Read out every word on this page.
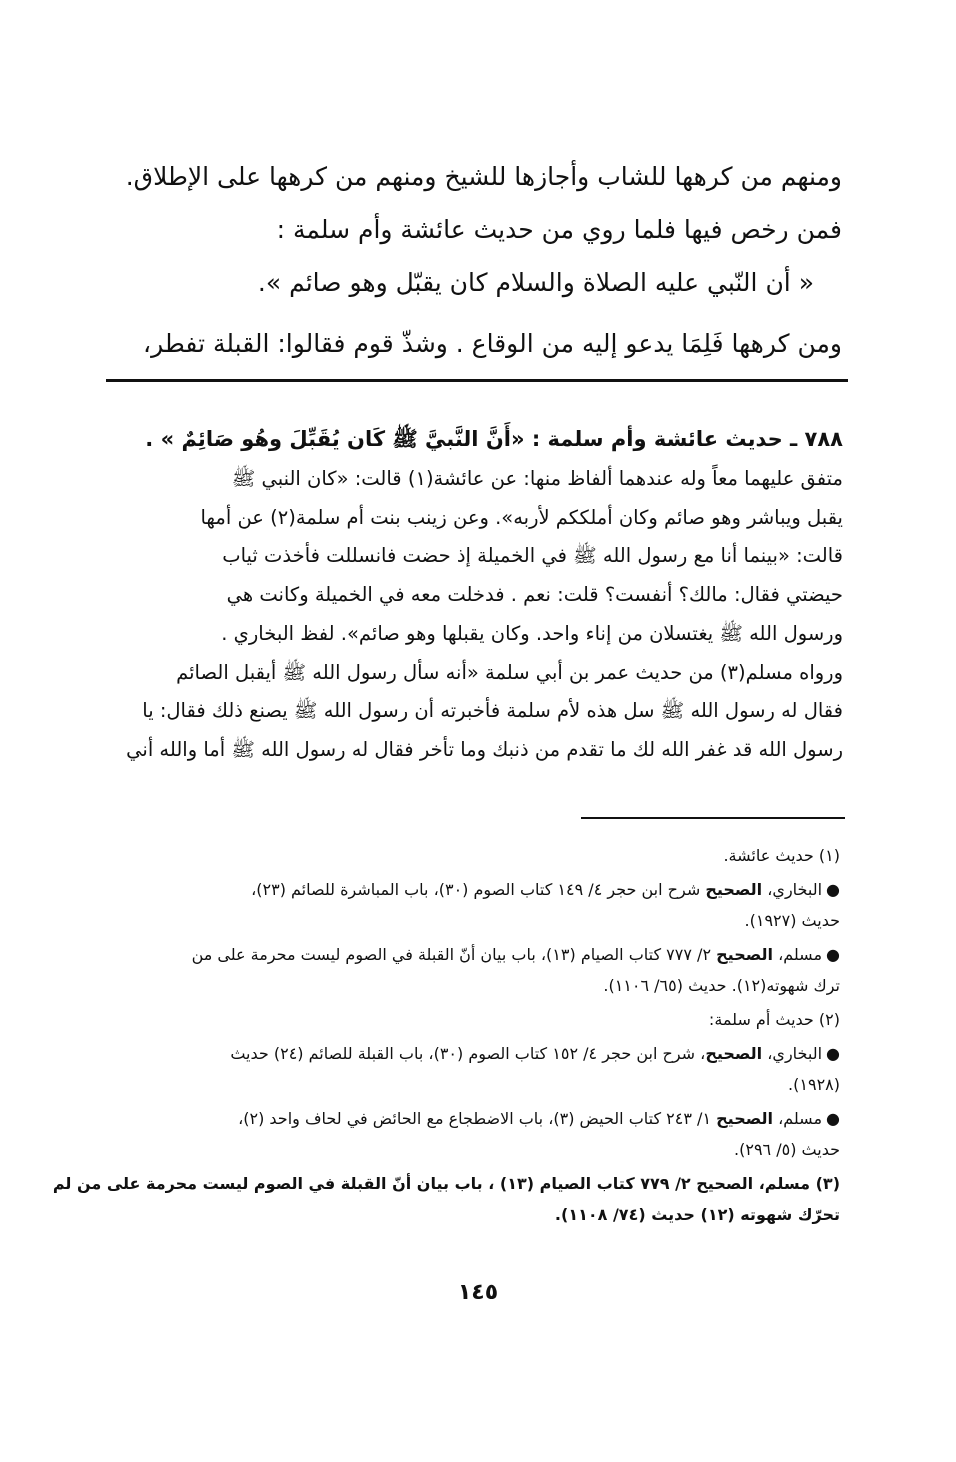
ومنهم من كرهها للشاب وأجازها للشيخ ومنهم من كرهها على الإطلاق.

فمن رخص فيها فلما روي من حديث عائشة وأم سلمة :

« أن النّبي عليه الصلاة والسلام كان يقبّل وهو صائم ».

ومن كرهها فَلِمَا يدعو إليه من الوقاع . وشذّ قوم فقالوا: القبلة تفطر،

٧٨٨ ـ حديث عائشة وأم سلمة : «أَنَّ النَّبيَّ ﷺ كَان يُقَبِّلَ وهُو صَائِمٌ » .

متفق عليهما معاً وله عندهما ألفاظ منها: عن عائشة(١) قالت: «كان النبي ﷺ
يقبل ويباشر وهو صائم وكان أملككم لأربه». وعن زينب بنت أم سلمة(٢) عن أمها
قالت: «بينما أنا مع رسول الله ﷺ في الخميلة إذ حضت فانسللت فأخذت ثياب
حيضتي فقال: مالك؟ أنفست؟ قلت: نعم . فدخلت معه في الخميلة وكانت هي
ورسول الله ﷺ يغتسلان من إناء واحد. وكان يقبلها وهو صائم». لفظ البخاري .
ورواه مسلم(٣) من حديث عمر بن أبي سلمة «أنه سأل رسول الله ﷺ أيقبل الصائم
فقال له رسول الله ﷺ سل هذه لأم سلمة فأخبرته أن رسول الله ﷺ يصنع ذلك فقال: يا
رسول الله قد غفر الله لك ما تقدم من ذنبك وما تأخر فقال له رسول الله ﷺ أما والله أني

(١) حديث عائشة.

●البخاري، الصحيح شرح ابن حجر ٤/ ١٤٩ كتاب الصوم (٣٠)، باب المباشرة للصائم (٢٣)،
حديث (١٩٢٧).

●مسلم، الصحيح ٢/ ٧٧٧ كتاب الصيام (١٣)، باب بيان أنّ القبلة في الصوم ليست محرمة على من
ترك شهوته(١٢). حديث (٦٥/ ١١٠٦).

(٢) حديث أم سلمة:

●البخاري، الصحيح، شرح ابن حجر ٤/ ١٥٢ كتاب الصوم (٣٠)، باب القبلة للصائم (٢٤) حديث
(١٩٢٨).

●مسلم، الصحيح ١/ ٢٤٣ كتاب الحيض (٣)، باب الاضطجاع مع الحائض في لحاف واحد (٢)،
حديث (٥/ ٢٩٦).

(٣) مسلم، الصحيح ٢/ ٧٧٩ كتاب الصيام (١٣) ، باب بيان أنّ القبلة في الصوم ليست محرمة على من لم
تحرّك شهوته (١٢) حديث (٧٤/ ١١٠٨).

١٤٥
